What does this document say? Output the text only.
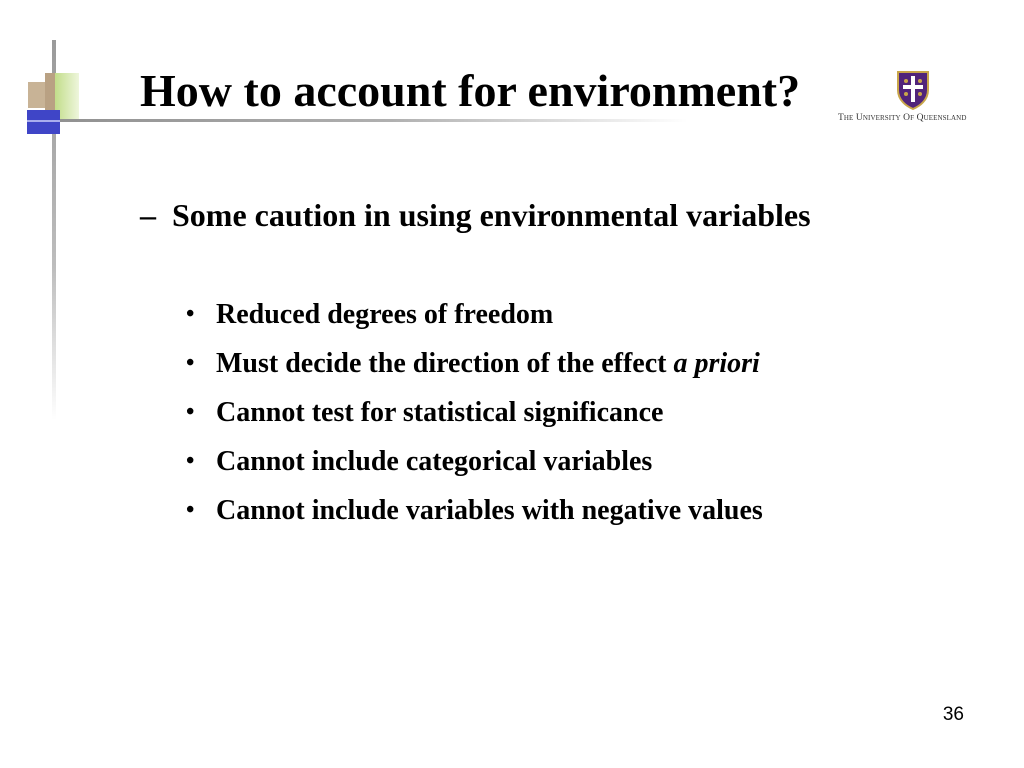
How to account for environment?
The University Of Queensland
– Some caution in using environmental variables
• Reduced degrees of freedom
• Must decide the direction of the effect a priori
• Cannot test for statistical significance
• Cannot include categorical variables
• Cannot include variables with negative values
36
